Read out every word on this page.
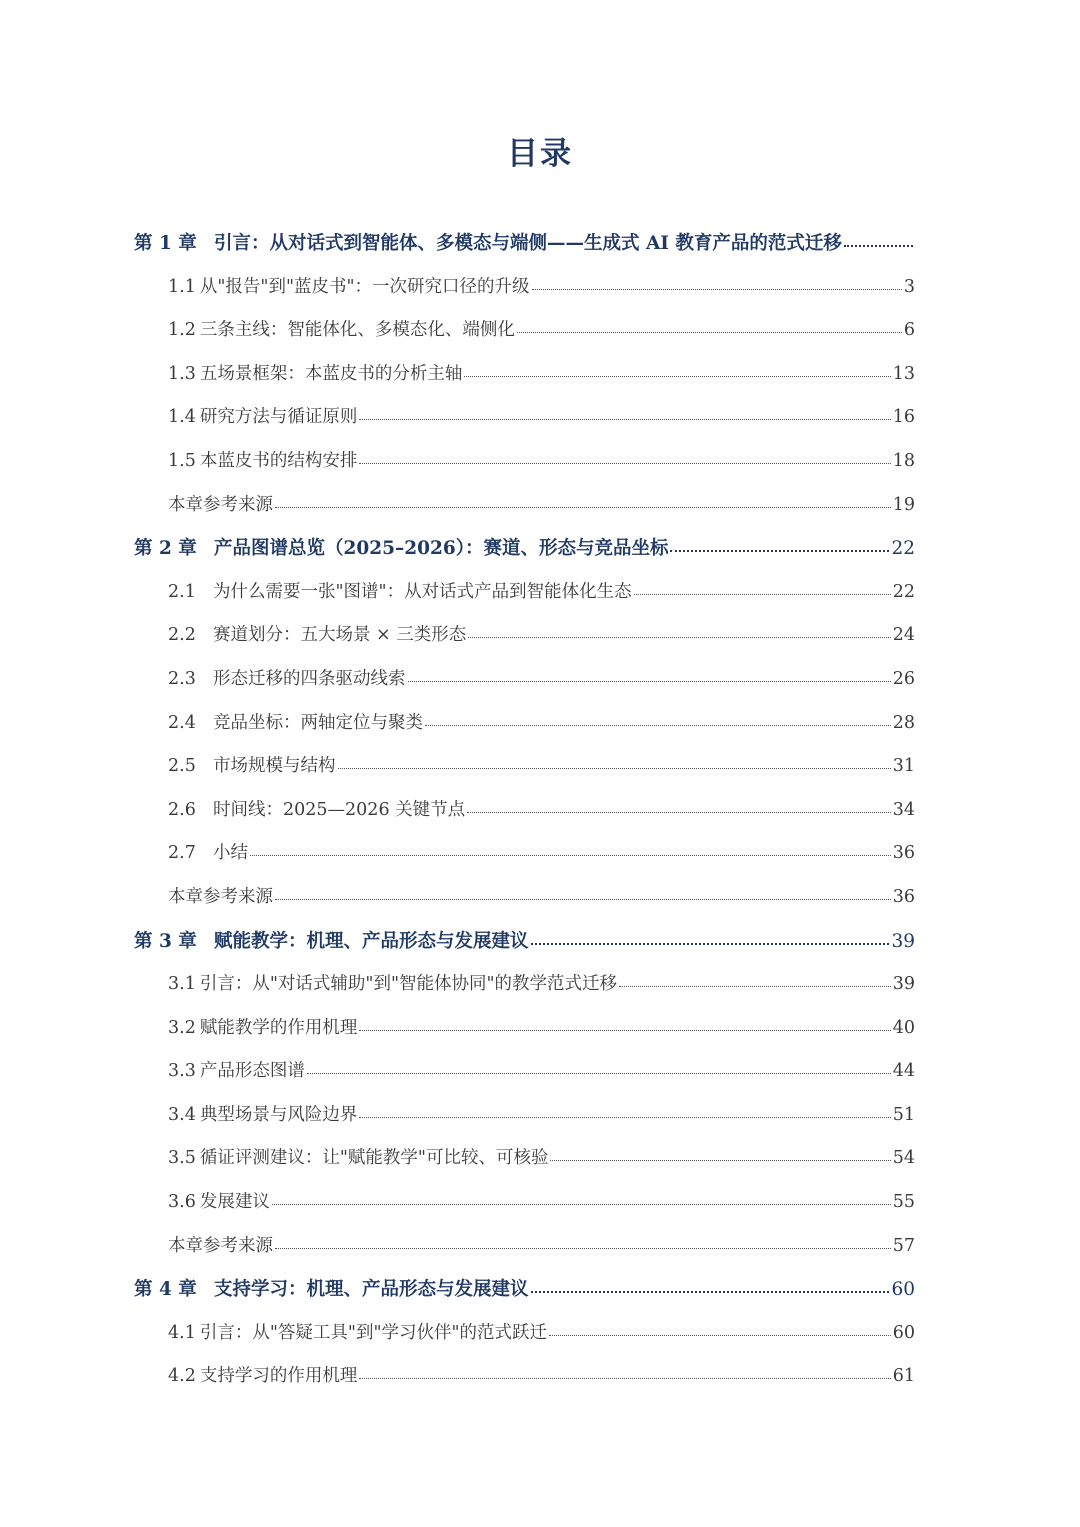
目录
第 1 章 引言：从对话式到智能体、多模态与端侧——生成式 AI 教育产品的范式迁移
1.1 从"报告"到"蓝皮书"：一次研究口径的升级	3
1.2 三条主线：智能体化、多模态化、端侧化	6
1.3 五场景框架：本蓝皮书的分析主轴	13
1.4 研究方法与循证原则	16
1.5 本蓝皮书的结构安排	18
本章参考来源	19
第 2 章 产品图谱总览（2025–2026）：赛道、形态与竞品坐标	22
2.1 为什么需要一张"图谱"：从对话式产品到智能体化生态	22
2.2 赛道划分：五大场景 × 三类形态	24
2.3 形态迁移的四条驱动线索	26
2.4 竞品坐标：两轴定位与聚类	28
2.5 市场规模与结构	31
2.6 时间线：2025—2026 关键节点	34
2.7 小结	36
本章参考来源	36
第 3 章 赋能教学：机理、产品形态与发展建议	39
3.1 引言：从"对话式辅助"到"智能体协同"的教学范式迁移	39
3.2 赋能教学的作用机理	40
3.3 产品形态图谱	44
3.4 典型场景与风险边界	51
3.5 循证评测建议：让"赋能教学"可比较、可核验	54
3.6 发展建议	55
本章参考来源	57
第 4 章 支持学习：机理、产品形态与发展建议	60
4.1 引言：从"答疑工具"到"学习伙伴"的范式跃迁	60
4.2 支持学习的作用机理	61
